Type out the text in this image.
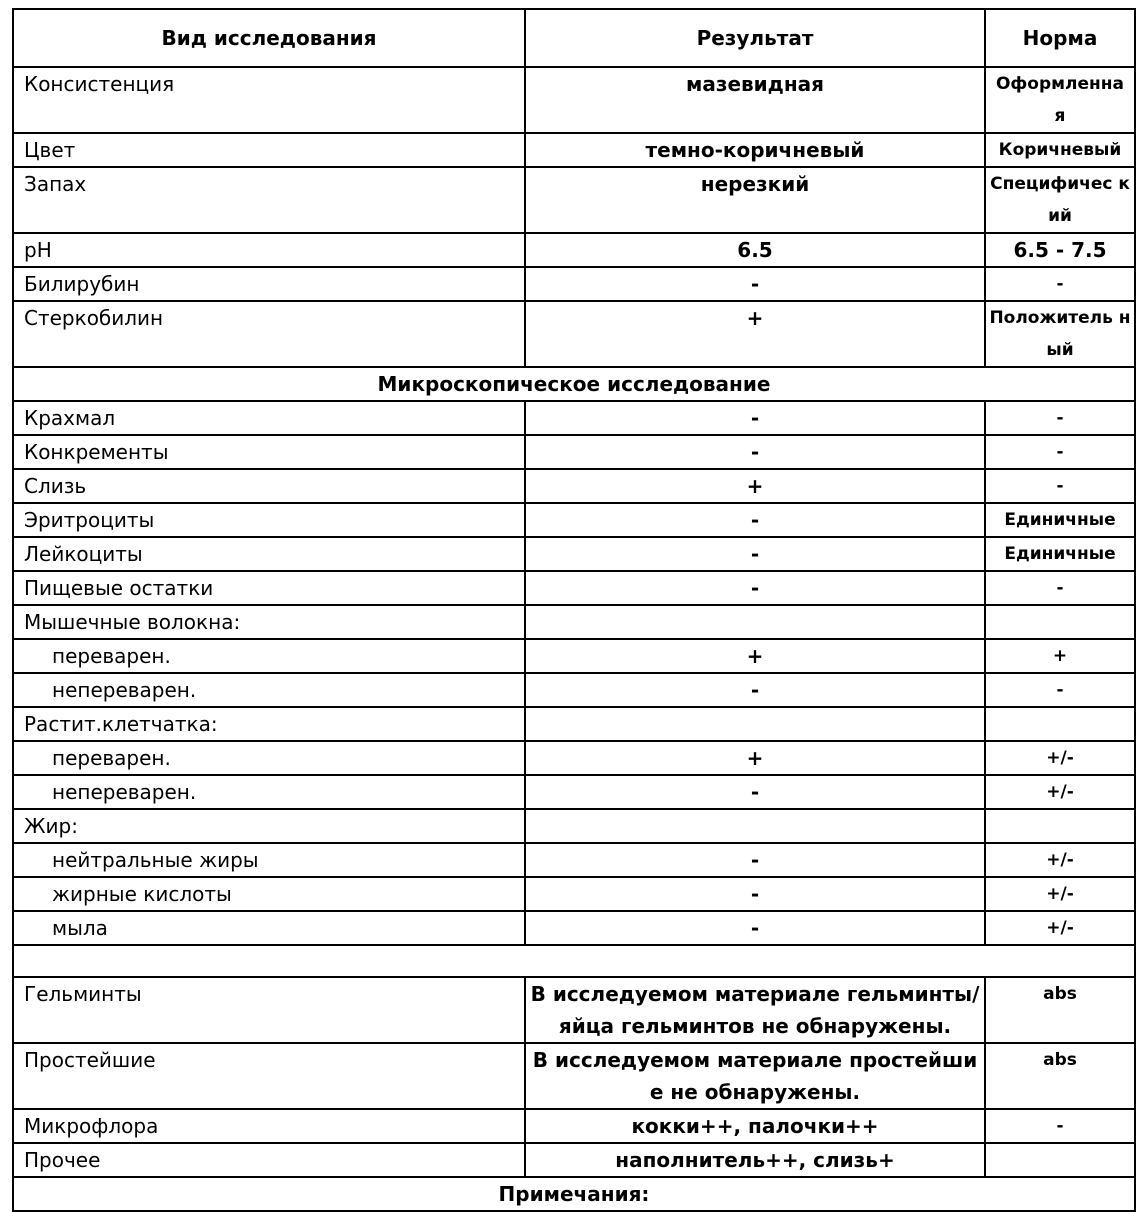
Вид исследования	Результат	Норма
Консистенция	мазевидная	Оформленна я
Цвет	темно-коричневый	Коричневый
Запах	нерезкий	Специфичес кий
pH	6.5	6.5 - 7.5
Билирубин	-	-
Стеркобилин	+	Положитель ный
Микроскопическое исследование		
Крахмал	-	-
Конкременты	-	-
Слизь	+	-
Эритроциты	-	Единичные
Лейкоциты	-	Единичные
Пищевые остатки	-	-
Мышечные волокна:		
переварен.	+	+
непереварен.	-	-
Растит.клетчатка:		
переварен.	+	+/-
непереварен.	-	+/-
Жир:		
нейтральные жиры	-	+/-
жирные кислоты	-	+/-
мыла	-	+/-

Гельминты	В исследуемом материале гельминты/яйца гельминтов не обнаружены.	abs
Простейшие	В исследуемом материале простейшие не обнаружены.	abs
Микрофлора	кокки++, палочки++	-
Прочее	наполнитель++, слизь+	
Примечания:		
